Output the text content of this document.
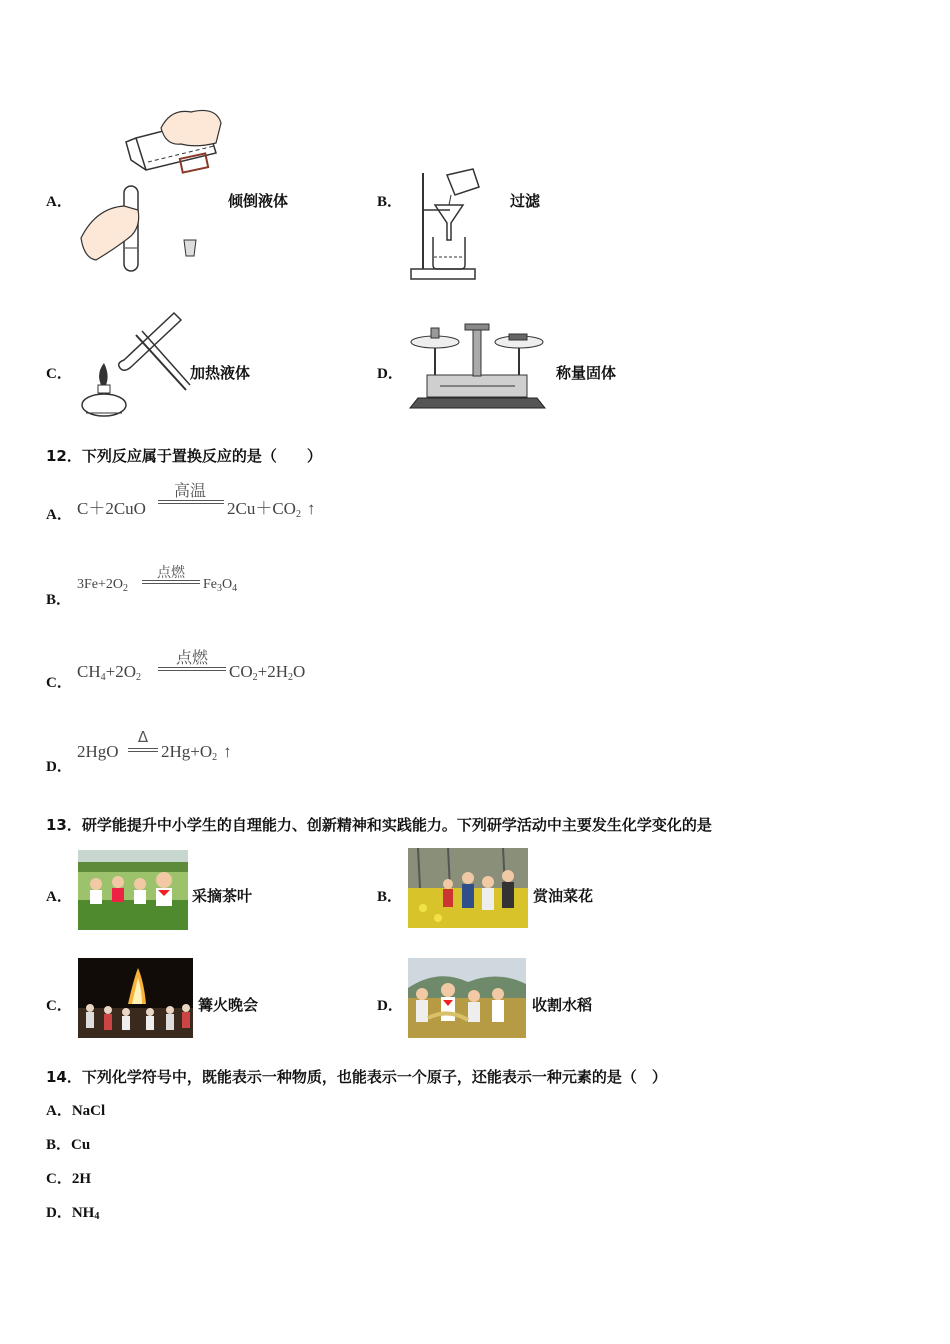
A．	倾倒液体	B．	过滤
C．	加热液体	D．	称量固体
12．下列反应属于置换反应的是（　　）
A． C＋2CuO
高温
$2Cu+CO_2$ ↑
B．
$3Fe+2O_2$
点燃
$Fe_3O_4$
C．
$CH_4+2O_2$
点燃
$CO_2+2H_2O$
D．
2HgO
Δ
$2Hg+O_2$ ↑
13．研学能提升中小学生的自理能力、创新精神和实践能力。下列研学活动中主要发生化学变化的是
A．	采摘茶叶	B．	赏油菜花
C．	篝火晚会	D．	收割水稻
14．下列化学符号中，既能表示一种物质，也能表示一个原子，还能表示一种元素的是（　）
A．NaCl
B．Cu
C．2H
D．$NH_4$
